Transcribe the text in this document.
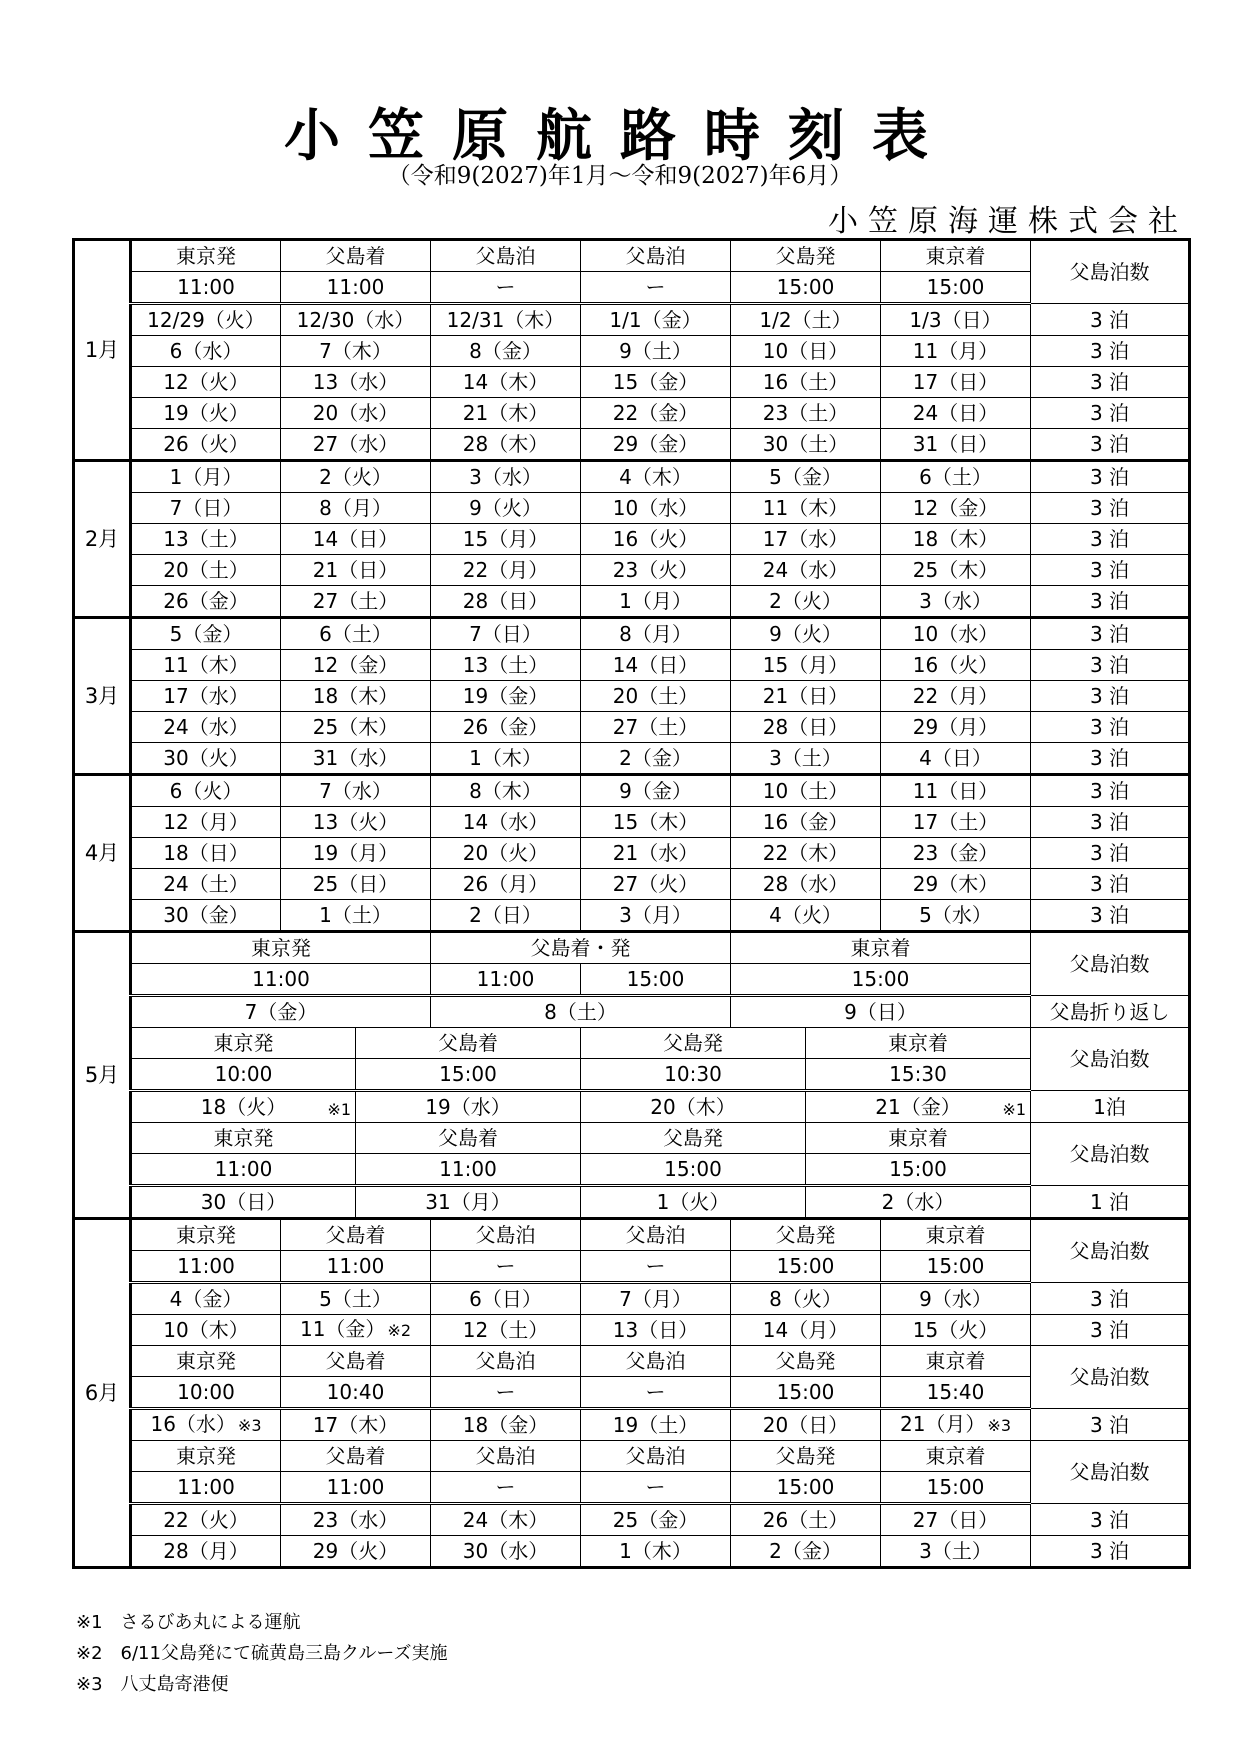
小笠原航路時刻表
（令和9(2027)年1月～令和9(2027)年6月）
小笠原海運株式会社
1月	東京発	父島着		父島泊	父島泊	父島発		東京着	父島泊数
	11:00	11:00		ー	ー	15:00		15:00	
	12/29（火）	12/30（水）		12/31（木）	1/1（金）	1/2（土）		1/3（日）	3 泊
	6（水）	7（木）		8（金）	9（土）	10（日）		11（月）	3 泊
	12（火）	13（水）		14（木）	15（金）	16（土）		17（日）	3 泊
	19（火）	20（水）		21（木）	22（金）	23（土）		24（日）	3 泊
	26（火）	27（水）		28（木）	29（金）	30（土）		31（日）	3 泊
2月	1（月）	2（火）		3（水）	4（木）	5（金）		6（土）	3 泊
	7（日）	8（月）		9（火）	10（水）	11（木）		12（金）	3 泊
	13（土）	14（日）		15（月）	16（火）	17（水）		18（木）	3 泊
	20（土）	21（日）		22（月）	23（火）	24（水）		25（木）	3 泊
	26（金）	27（土）		28（日）	1（月）	2（火）		3（水）	3 泊
3月	5（金）	6（土）		7（日）	8（月）	9（火）		10（水）	3 泊
	11（木）	12（金）		13（土）	14（日）	15（月）		16（火）	3 泊
	17（水）	18（木）		19（金）	20（土）	21（日）		22（月）	3 泊
	24（水）	25（木）		26（金）	27（土）	28（日）		29（月）	3 泊
	30（火）	31（水）		1（木）	2（金）	3（土）		4（日）	3 泊
4月	6（火）	7（水）		8（木）	9（金）	10（土）		11（日）	3 泊
	12（月）	13（火）		14（水）	15（木）	16（金）		17（土）	3 泊
	18（日）	19（月）		20（火）	21（水）	22（木）		23（金）	3 泊
	24（土）	25（日）		26（月）	27（火）	28（水）		29（木）	3 泊
	30（金）	1（土）		2（日）	3（月）	4（火）		5（水）	3 泊
5月	東京発			父島着・発		東京着			父島泊数
	11:00			11:00	15:00	15:00			
	7（金）			8（土）		9（日）			父島折り返し
	東京発		父島着		父島発		東京着		父島泊数
	10:00		15:00		10:30		15:30		
	18（火） ※1		19（水）		20（木）		21（金） ※1		1泊
	東京発		父島着		父島発		東京着		父島泊数
	11:00		11:00		15:00		15:00		
	30（日）		31（月）		1（火）		2（水）		1 泊
6月	東京発	父島着		父島泊	父島泊	父島発		東京着	父島泊数
	11:00	11:00		ー	ー	15:00		15:00	
	4（金）	5（土）		6（日）	7（月）	8（火）		9（水）	3 泊
	10（木）	11（金） ※2		12（土）	13（日）	14（月）		15（火）	3 泊
	東京発	父島着		父島泊	父島泊	父島発		東京着	父島泊数
	10:00	10:40		ー	ー	15:00		15:40	
	16（水） ※3	17（木）		18（金）	19（土）	20（日）		21（月） ※3	3 泊
	東京発	父島着		父島泊	父島泊	父島発		東京着	父島泊数
	11:00	11:00		ー	ー	15:00		15:00	
	22（火）	23（水）		24（木）	25（金）	26（土）		27（日）	3 泊
	28（月）	29（火）		30（水）	1（木）	2（金）		3（土）	3 泊
※1　さるびあ丸による運航
※2　6/11父島発にて硫黄島三島クルーズ実施
※3　八丈島寄港便
